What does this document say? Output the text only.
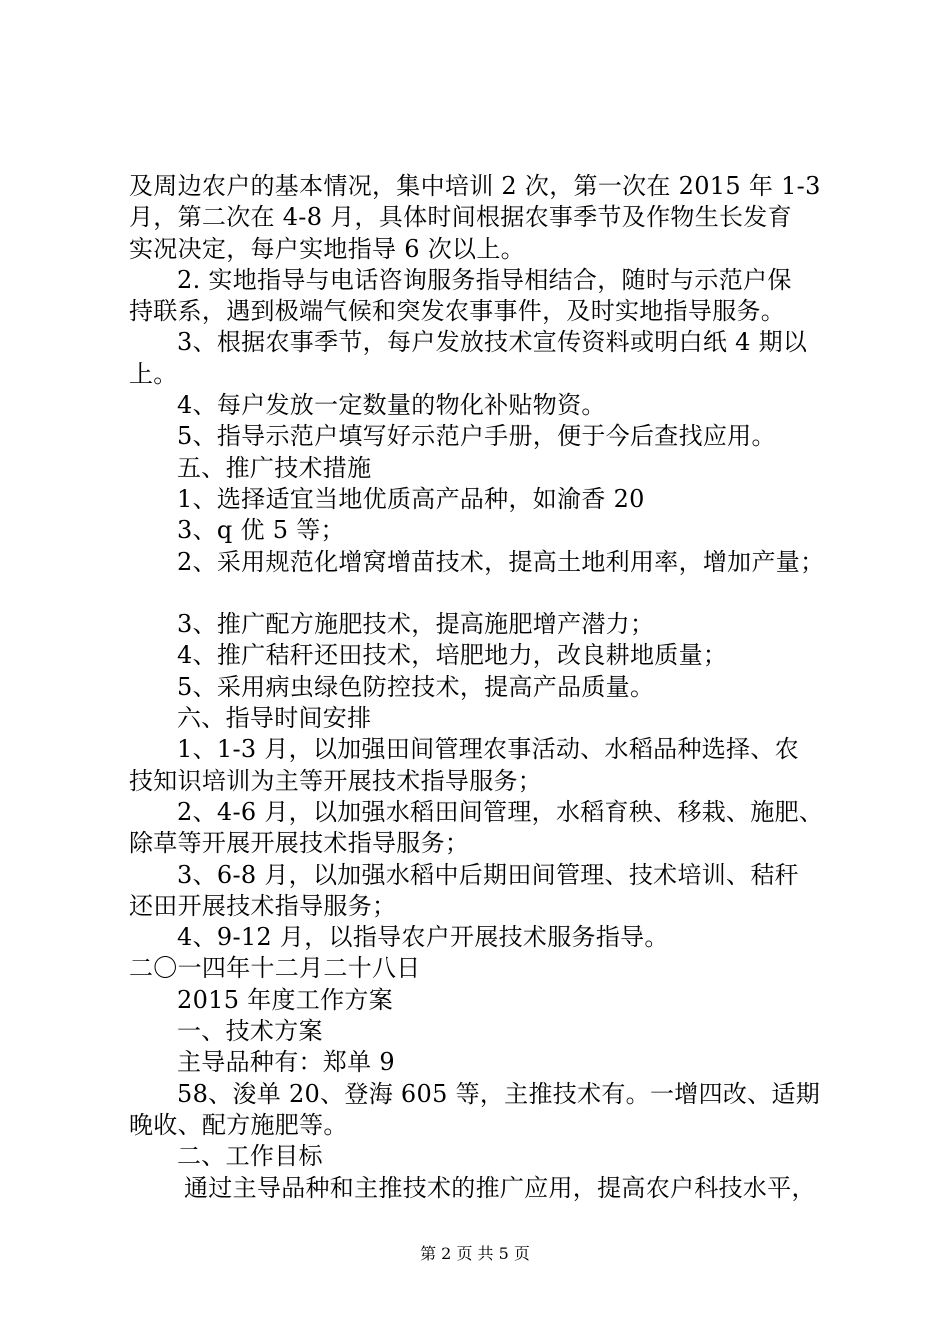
及周边农户的基本情况，集中培训 2 次，第一次在 2015 年 1-3
月，第二次在 4-8 月，具体时间根据农事季节及作物生长发育
实况决定，每户实地指导 6 次以上。
2. 实地指导与电话咨询服务指导相结合，随时与示范户保
持联系，遇到极端气候和突发农事事件，及时实地指导服务。
3、根据农事季节，每户发放技术宣传资料或明白纸 4 期以
上。
4、每户发放一定数量的物化补贴物资。
5、指导示范户填写好示范户手册，便于今后查找应用。
五、推广技术措施
1、选择适宜当地优质高产品种，如渝香 20
3、q 优 5 等；
2、采用规范化增窝增苗技术，提高土地利用率，增加产量；
3、推广配方施肥技术，提高施肥增产潜力；
4、推广秸秆还田技术，培肥地力，改良耕地质量；
5、采用病虫绿色防控技术，提高产品质量。
六、指导时间安排
1、1-3 月，以加强田间管理农事活动、水稻品种选择、农
技知识培训为主等开展技术指导服务；
2、4-6 月，以加强水稻田间管理，水稻育秧、移栽、施肥、
除草等开展开展技术指导服务；
3、6-8 月，以加强水稻中后期田间管理、技术培训、秸秆
还田开展技术指导服务；
4、9-12 月，以指导农户开展技术服务指导。
二〇一四年十二月二十八日
2015 年度工作方案
一、技术方案
主导品种有：郑单 9
58、浚单 20、登海 605 等，主推技术有。一增四改、适期
晚收、配方施肥等。
二、工作目标
通过主导品种和主推技术的推广应用，提高农户科技水平，
第 2 页 共 5 页
